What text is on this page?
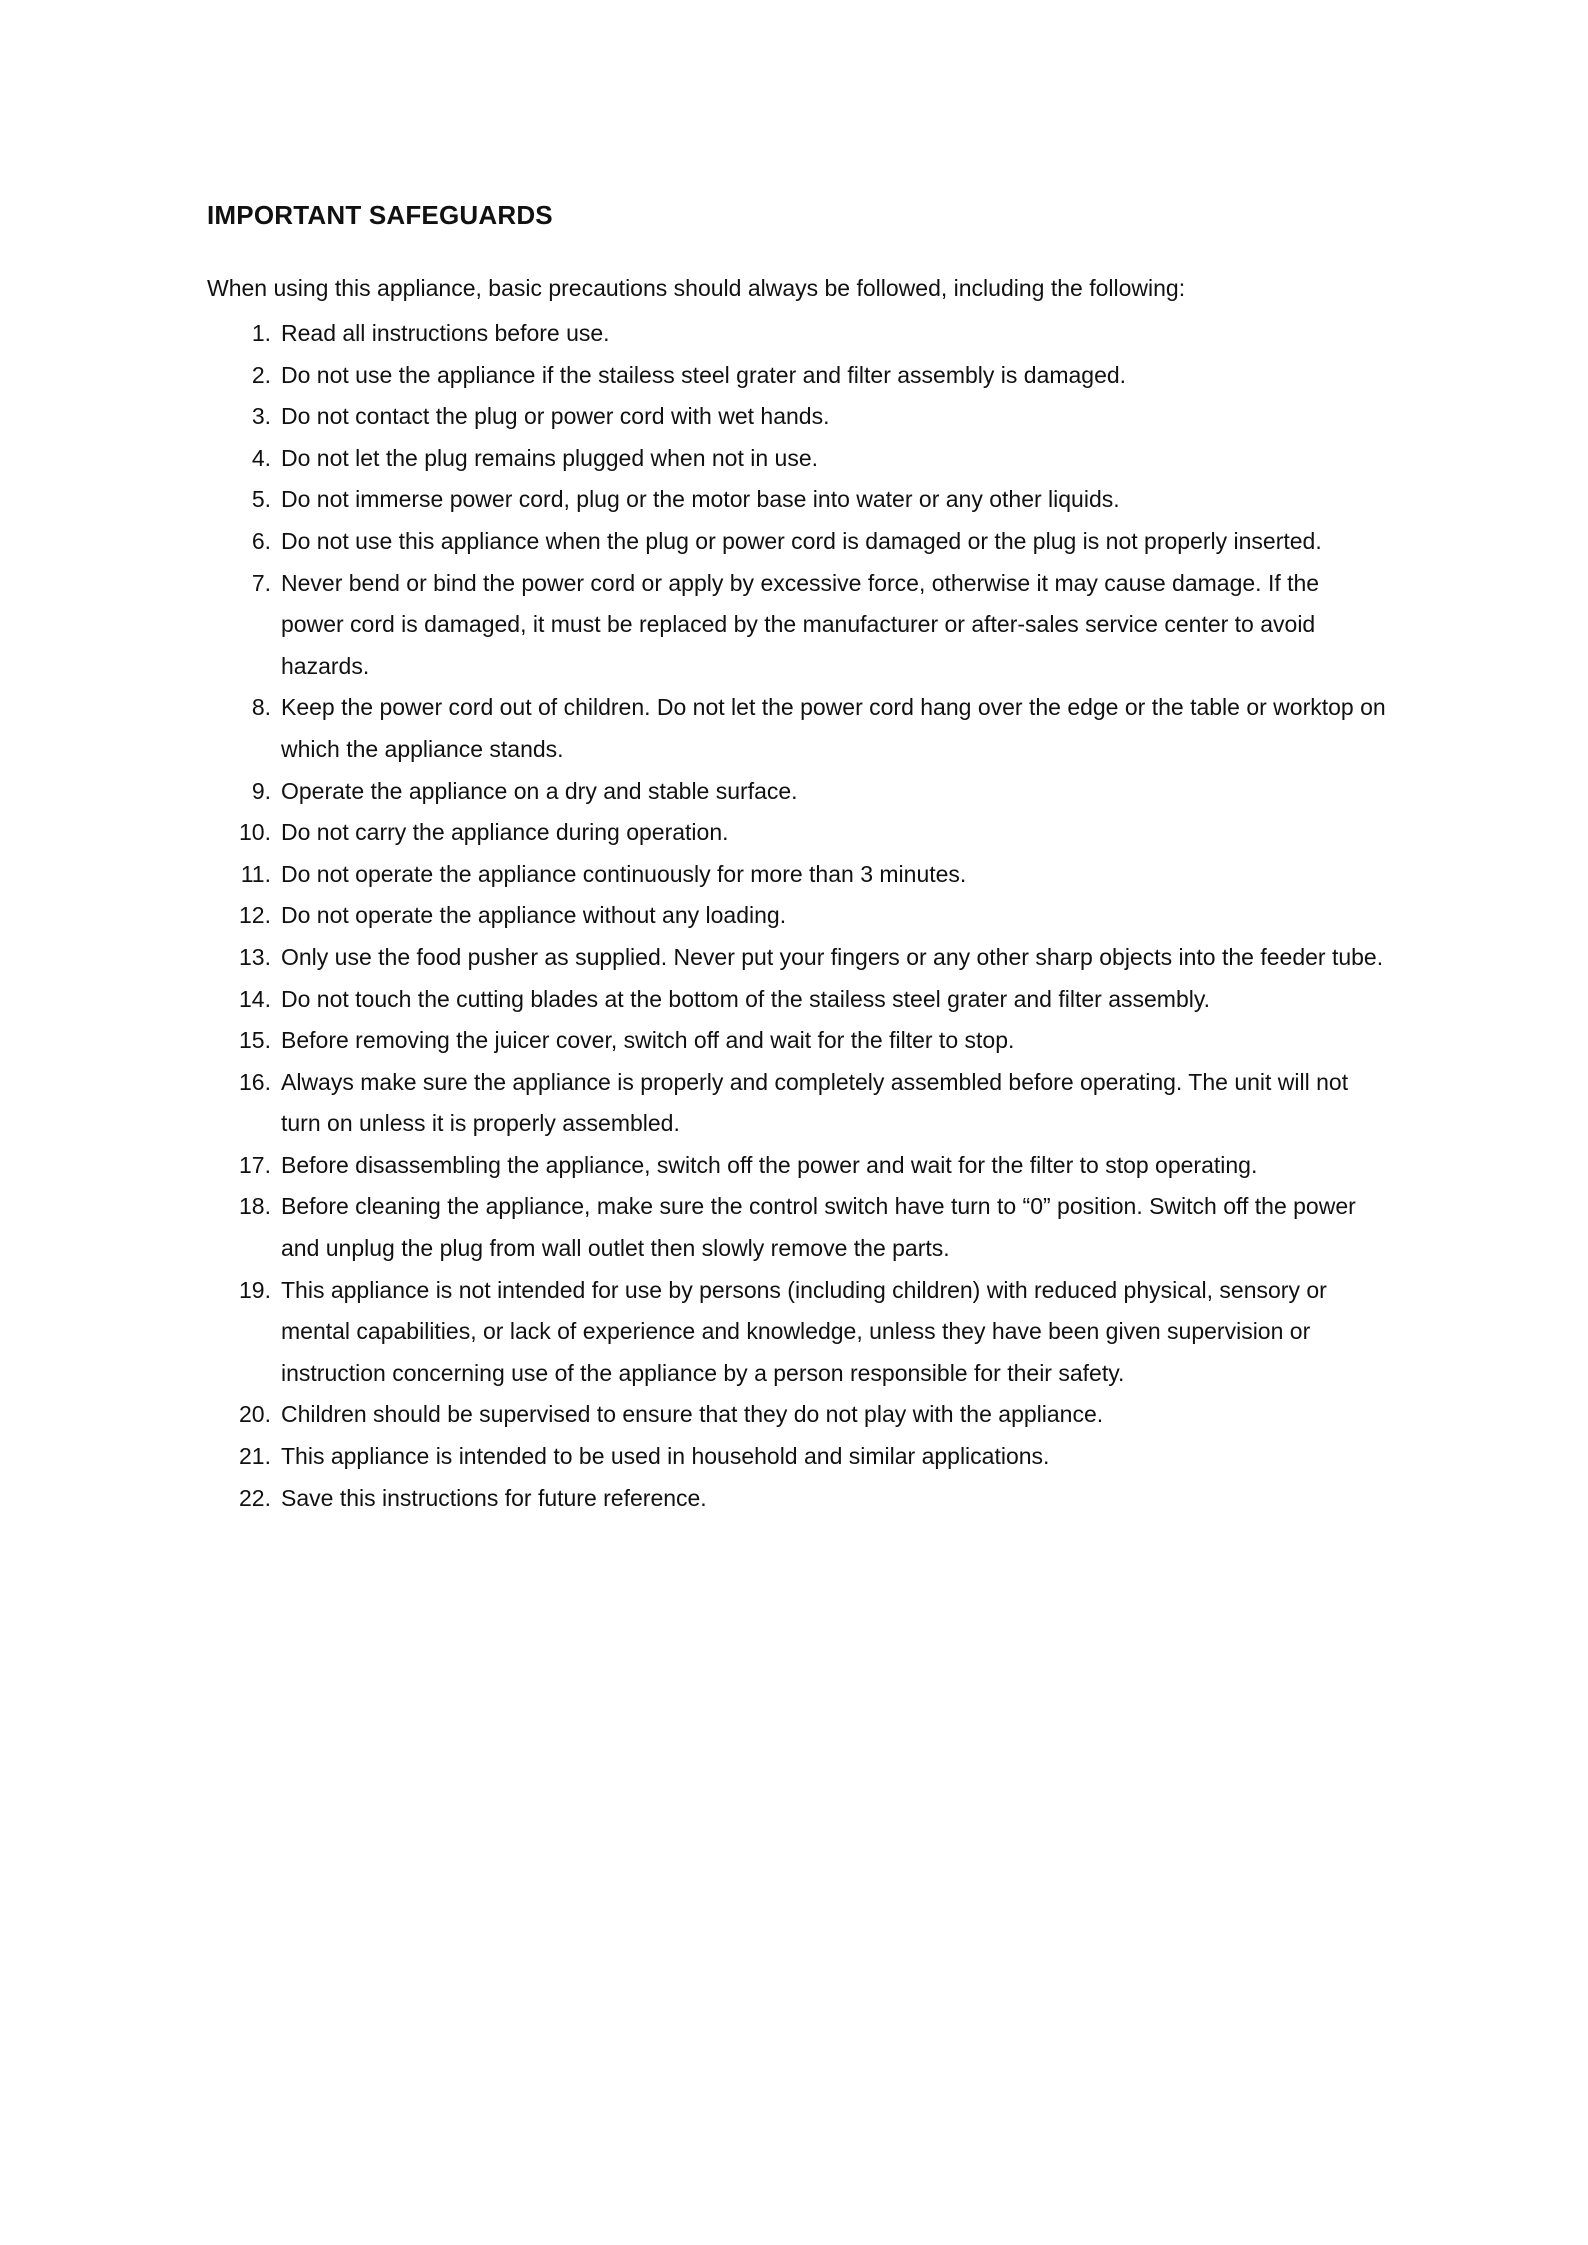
IMPORTANT SAFEGUARDS

When using this appliance, basic precautions should always be followed, including the following:

1. Read all instructions before use.
2. Do not use the appliance if the stailess steel grater and filter assembly is damaged.
3. Do not contact the plug or power cord with wet hands.
4. Do not let the plug remains plugged when not in use.
5. Do not immerse power cord, plug or the motor base into water or any other liquids.
6. Do not use this appliance when the plug or power cord is damaged or the plug is not properly inserted.
7. Never bend or bind the power cord or apply by excessive force, otherwise it may cause damage. If the power cord is damaged, it must be replaced by the manufacturer or after-sales service center to avoid hazards.
8. Keep the power cord out of children. Do not let the power cord hang over the edge or the table or worktop on which the appliance stands.
9. Operate the appliance on a dry and stable surface.
10. Do not carry the appliance during operation.
11. Do not operate the appliance continuously for more than 3 minutes.
12. Do not operate the appliance without any loading.
13. Only use the food pusher as supplied. Never put your fingers or any other sharp objects into the feeder tube.
14. Do not touch the cutting blades at the bottom of the stailess steel grater and filter assembly.
15. Before removing the juicer cover, switch off and wait for the filter to stop.
16. Always make sure the appliance is properly and completely assembled before operating. The unit will not turn on unless it is properly assembled.
17. Before disassembling the appliance, switch off the power and wait for the filter to stop operating.
18. Before cleaning the appliance, make sure the control switch have turn to “0” position. Switch off the power and unplug the plug from wall outlet then slowly remove the parts.
19. This appliance is not intended for use by persons (including children) with reduced physical, sensory or mental capabilities, or lack of experience and knowledge, unless they have been given supervision or instruction concerning use of the appliance by a person responsible for their safety.
20. Children should be supervised to ensure that they do not play with the appliance.
21. This appliance is intended to be used in household and similar applications.
22. Save this instructions for future reference.
